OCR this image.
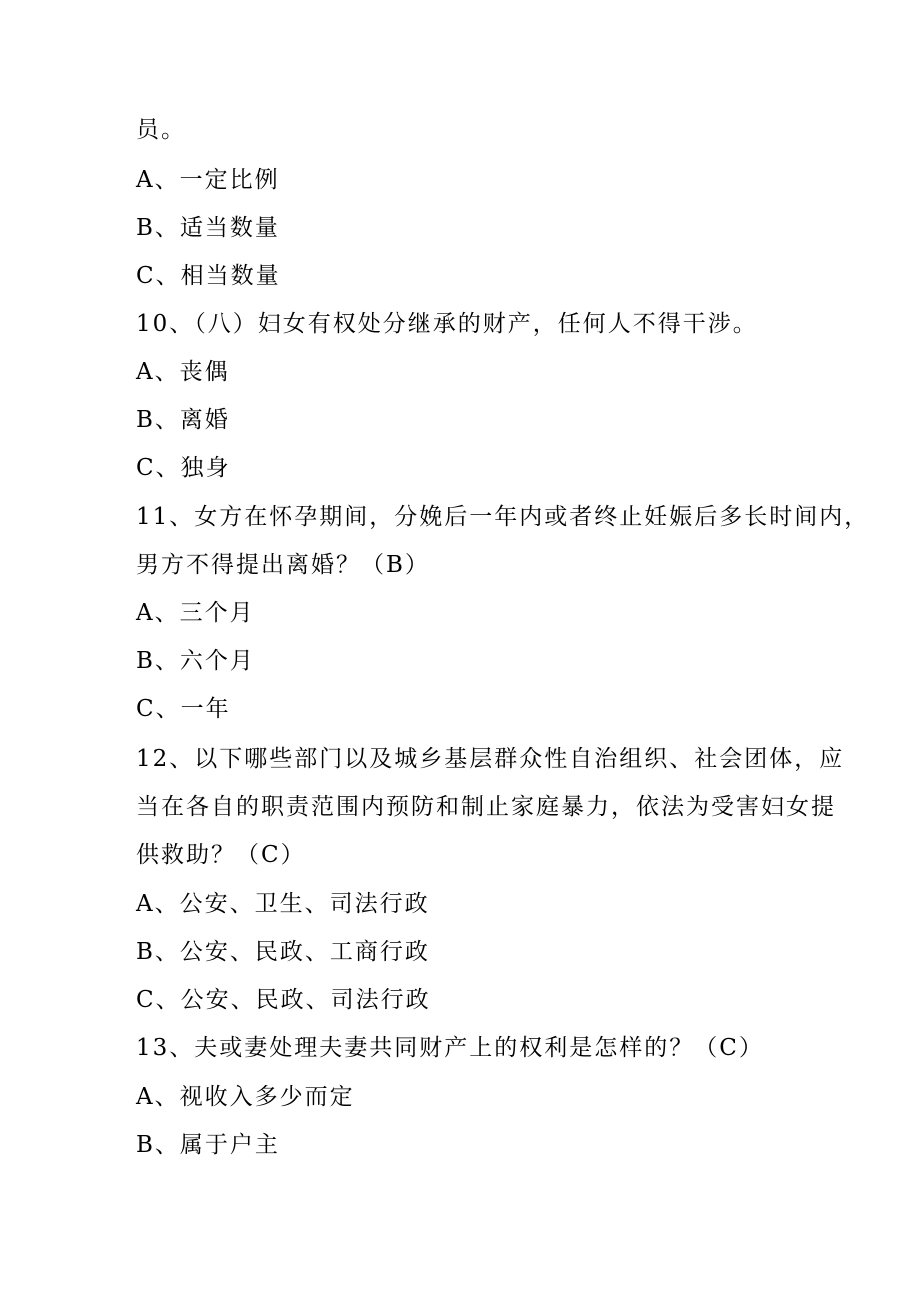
员。
A、一定比例
B、适当数量
C、相当数量
10、（八）妇女有权处分继承的财产，任何人不得干涉。
A、丧偶
B、离婚
C、独身
11、女方在怀孕期间，分娩后一年内或者终止妊娠后多长时间内，
男方不得提出离婚？（B）
A、三个月
B、六个月
C、一年
12、以下哪些部门以及城乡基层群众性自治组织、社会团体，应
当在各自的职责范围内预防和制止家庭暴力，依法为受害妇女提
供救助？（C）
A、公安、卫生、司法行政
B、公安、民政、工商行政
C、公安、民政、司法行政
13、夫或妻处理夫妻共同财产上的权利是怎样的？（C）
A、视收入多少而定
B、属于户主
